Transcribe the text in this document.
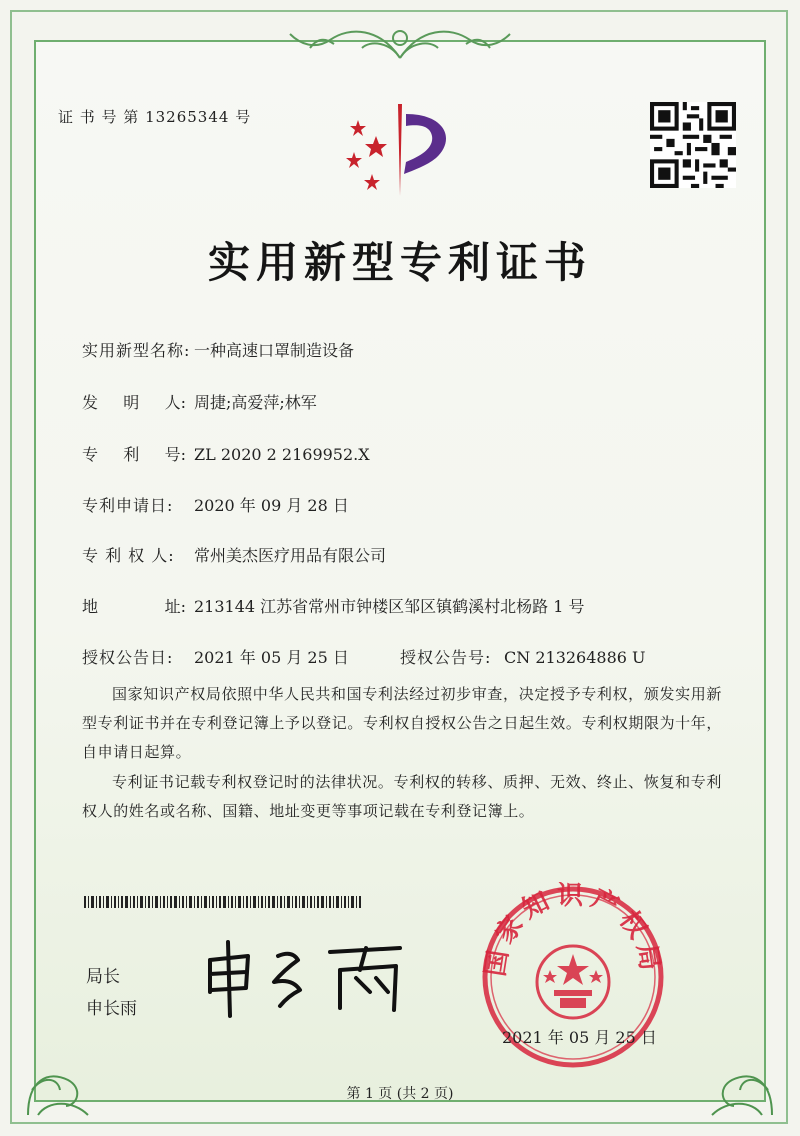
证 书 号 第 13265344 号
实用新型专利证书
实用新型名称: 一种高速口罩制造设备
发 明 人: 周捷;高爱萍;林军
专 利 号: ZL 2020 2 2169952.X
专利申请日: 2020 年 09 月 28 日
专 利 权 人: 常州美杰医疗用品有限公司
地	址: 213144 江苏省常州市钟楼区邹区镇鹤溪村北杨路 1 号
授权公告日: 2021 年 05 月 25 日	授权公告号: CN 213264886 U
国家知识产权局依照中华人民共和国专利法经过初步审查，决定授予专利权，颁发实用新型专利证书并在专利登记簿上予以登记。专利权自授权公告之日起生效。专利权期限为十年，自申请日起算。
专利证书记载专利权登记时的法律状况。专利权的转移、质押、无效、终止、恢复和专利权人的姓名或名称、国籍、地址变更等事项记载在专利登记簿上。
局长
申长雨
国家知识产权局
2021 年 05 月 25 日
第 1 页 (共 2 页)
